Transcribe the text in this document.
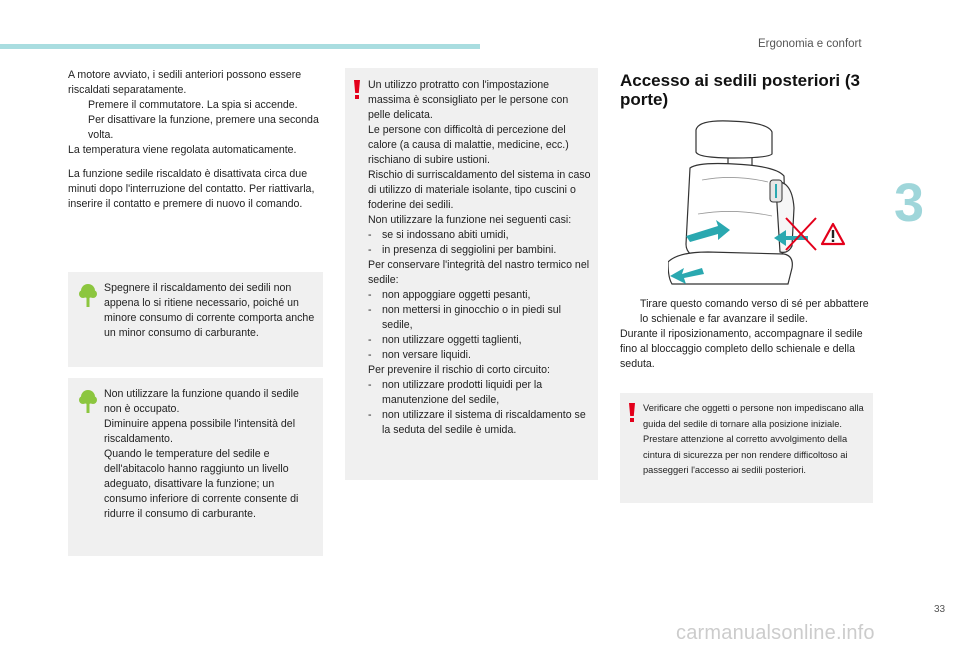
Ergonomia e confort
3

A motore avviato, i sedili anteriori possono essere riscaldati separatamente.

Premere il commutatore. La spia si accende.

Per disattivare la funzione, premere una seconda volta.

La temperatura viene regolata automaticamente.

La funzione sedile riscaldato è disattivata circa due minuti dopo l'interruzione del contatto. Per riattivarla, inserire il contatto e premere di nuovo il comando.

Spegnere il riscaldamento dei sedili non appena lo si ritiene necessario, poiché un minore consumo di corrente comporta anche un minor consumo di carburante.

Non utilizzare la funzione quando il sedile non è occupato.

Diminuire appena possibile l'intensità del riscaldamento.

Quando le temperature del sedile e dell'abitacolo hanno raggiunto un livello adeguato, disattivare la funzione; un consumo inferiore di corrente consente di ridurre il consumo di carburante.

Un utilizzo protratto con l'impostazione massima è sconsigliato per le persone con pelle delicata.

Le persone con difficoltà di percezione del calore (a causa di malattie, medicine, ecc.) rischiano di subire ustioni.

Rischio di surriscaldamento del sistema in caso di utilizzo di materiale isolante, tipo cuscini o foderine dei sedili.

Non utilizzare la funzione nei seguenti casi:

- se si indossano abiti umidi,

- in presenza di seggiolini per bambini.

Per conservare l'integrità del nastro termico nel sedile:

- non appoggiare oggetti pesanti,

- non mettersi in ginocchio o in piedi sul sedile,

- non utilizzare oggetti taglienti,

- non versare liquidi.

Per prevenire il rischio di corto circuito:

- non utilizzare prodotti liquidi per la manutenzione del sedile,

- non utilizzare il sistema di riscaldamento se la seduta del sedile è umida.

Accesso ai sedili posteriori (3 porte)

Tirare questo comando verso di sé per abbattere lo schienale e far avanzare il sedile.

Durante il riposizionamento, accompagnare il sedile fino al bloccaggio completo dello schienale e della seduta.

Verificare che oggetti o persone non impediscano alla guida del sedile di tornare alla posizione iniziale.

Prestare attenzione al corretto avvolgimento della cintura di sicurezza per non rendere difficoltoso ai passeggeri l'accesso ai sedili posteriori.

33
carmanualsonline.info
